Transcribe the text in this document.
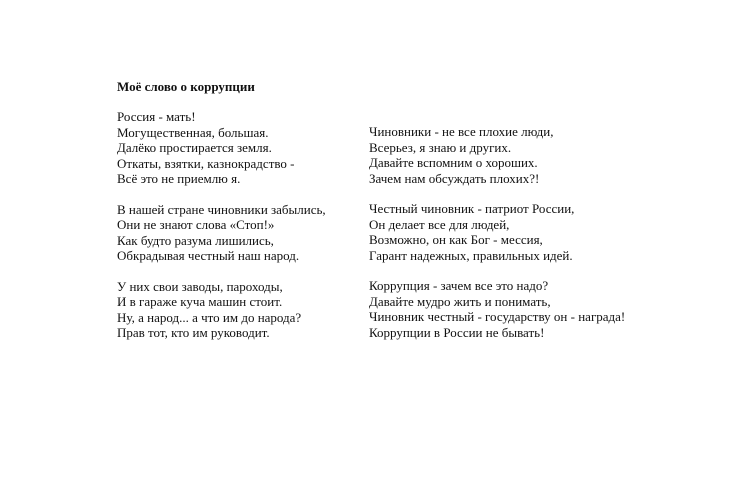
Моё слово о коррупции
Россия - мать!
Могущественная, большая.
Далёко простирается земля.
Откаты, взятки, казнокрадство -
Всё это не приемлю я.
В нашей стране чиновники забылись,
Они не знают слова «Стоп!»
Как будто разума лишились,
Обкрадывая честный наш народ.
У них свои заводы, пароходы,
И в гараже куча машин стоит.
Ну, а народ... а что им до народа?
Прав тот, кто им руководит.
Чиновники - не все плохие люди,
Всерьез, я знаю и других.
Давайте вспомним о хороших.
Зачем нам обсуждать плохих?!
Честный чиновник - патриот России,
Он делает все для людей,
Возможно, он как Бог - мессия,
Гарант надежных, правильных идей.
Коррупция - зачем все это надо?
Давайте мудро жить и понимать,
Чиновник честный - государству он - награда!
Коррупции в России не бывать!
